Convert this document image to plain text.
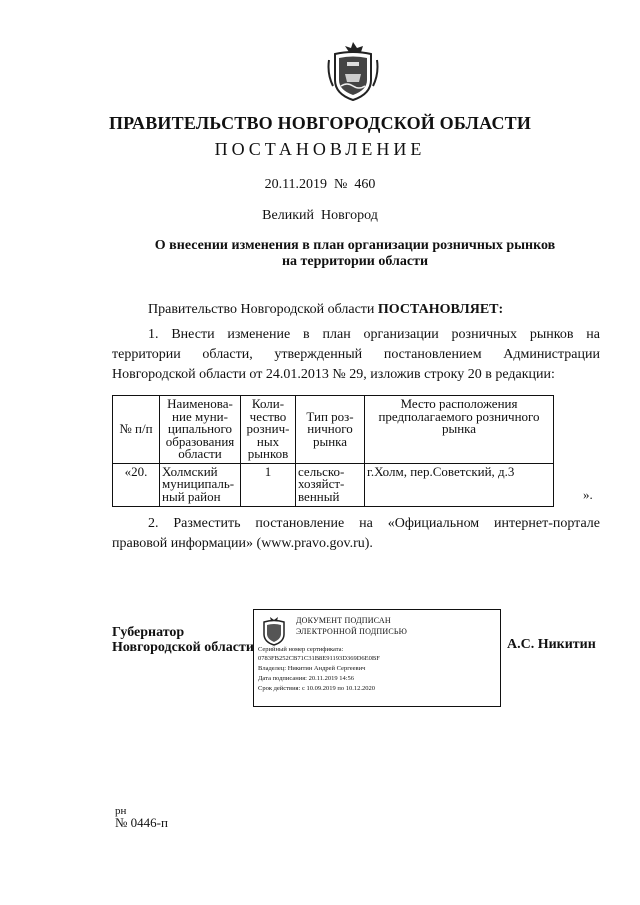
ПРАВИТЕЛЬСТВО НОВГОРОДСКОЙ ОБЛАСТИ
ПОСТАНОВЛЕНИЕ
20.11.2019  №  460
Великий  Новгород
О внесении изменения в план организации розничных рынков
на территории области
Правительство Новгородской области ПОСТАНОВЛЯЕТ:
1. Внести изменение в план организации розничных рынков на
территории области, утвержденный постановлением Администрации
Новгородской области от 24.01.2013 № 29, изложив строку 20 в редакции:
№ п/п	Наименова-ние муни-ципального образования области	Коли-чество рознич-ных рынков	Тип роз-ничного рынка	Место расположения предполагаемого розничного рынка
«20.	Холмский муниципаль-ный район	1	сельско-хозяйст-венный	г.Холм, пер.Советский, д.3
».
2. Разместить постановление на «Официальном интернет-портале
правовой информации» (www.pravo.gov.ru).
Губернатор
Новгородской области
ДОКУМЕНТ ПОДПИСАН
ЭЛЕКТРОННОЙ ПОДПИСЬЮ
Серийный номер сертификата:
0783FB252CB71C31B8E91193D369D6E0BF
Владелец: Никитин Андрей Сергеевич
Дата подписания: 20.11.2019 14:56
Срок действия: с 10.09.2019 по 10.12.2020
А.С. Никитин
рн
№ 0446-п
